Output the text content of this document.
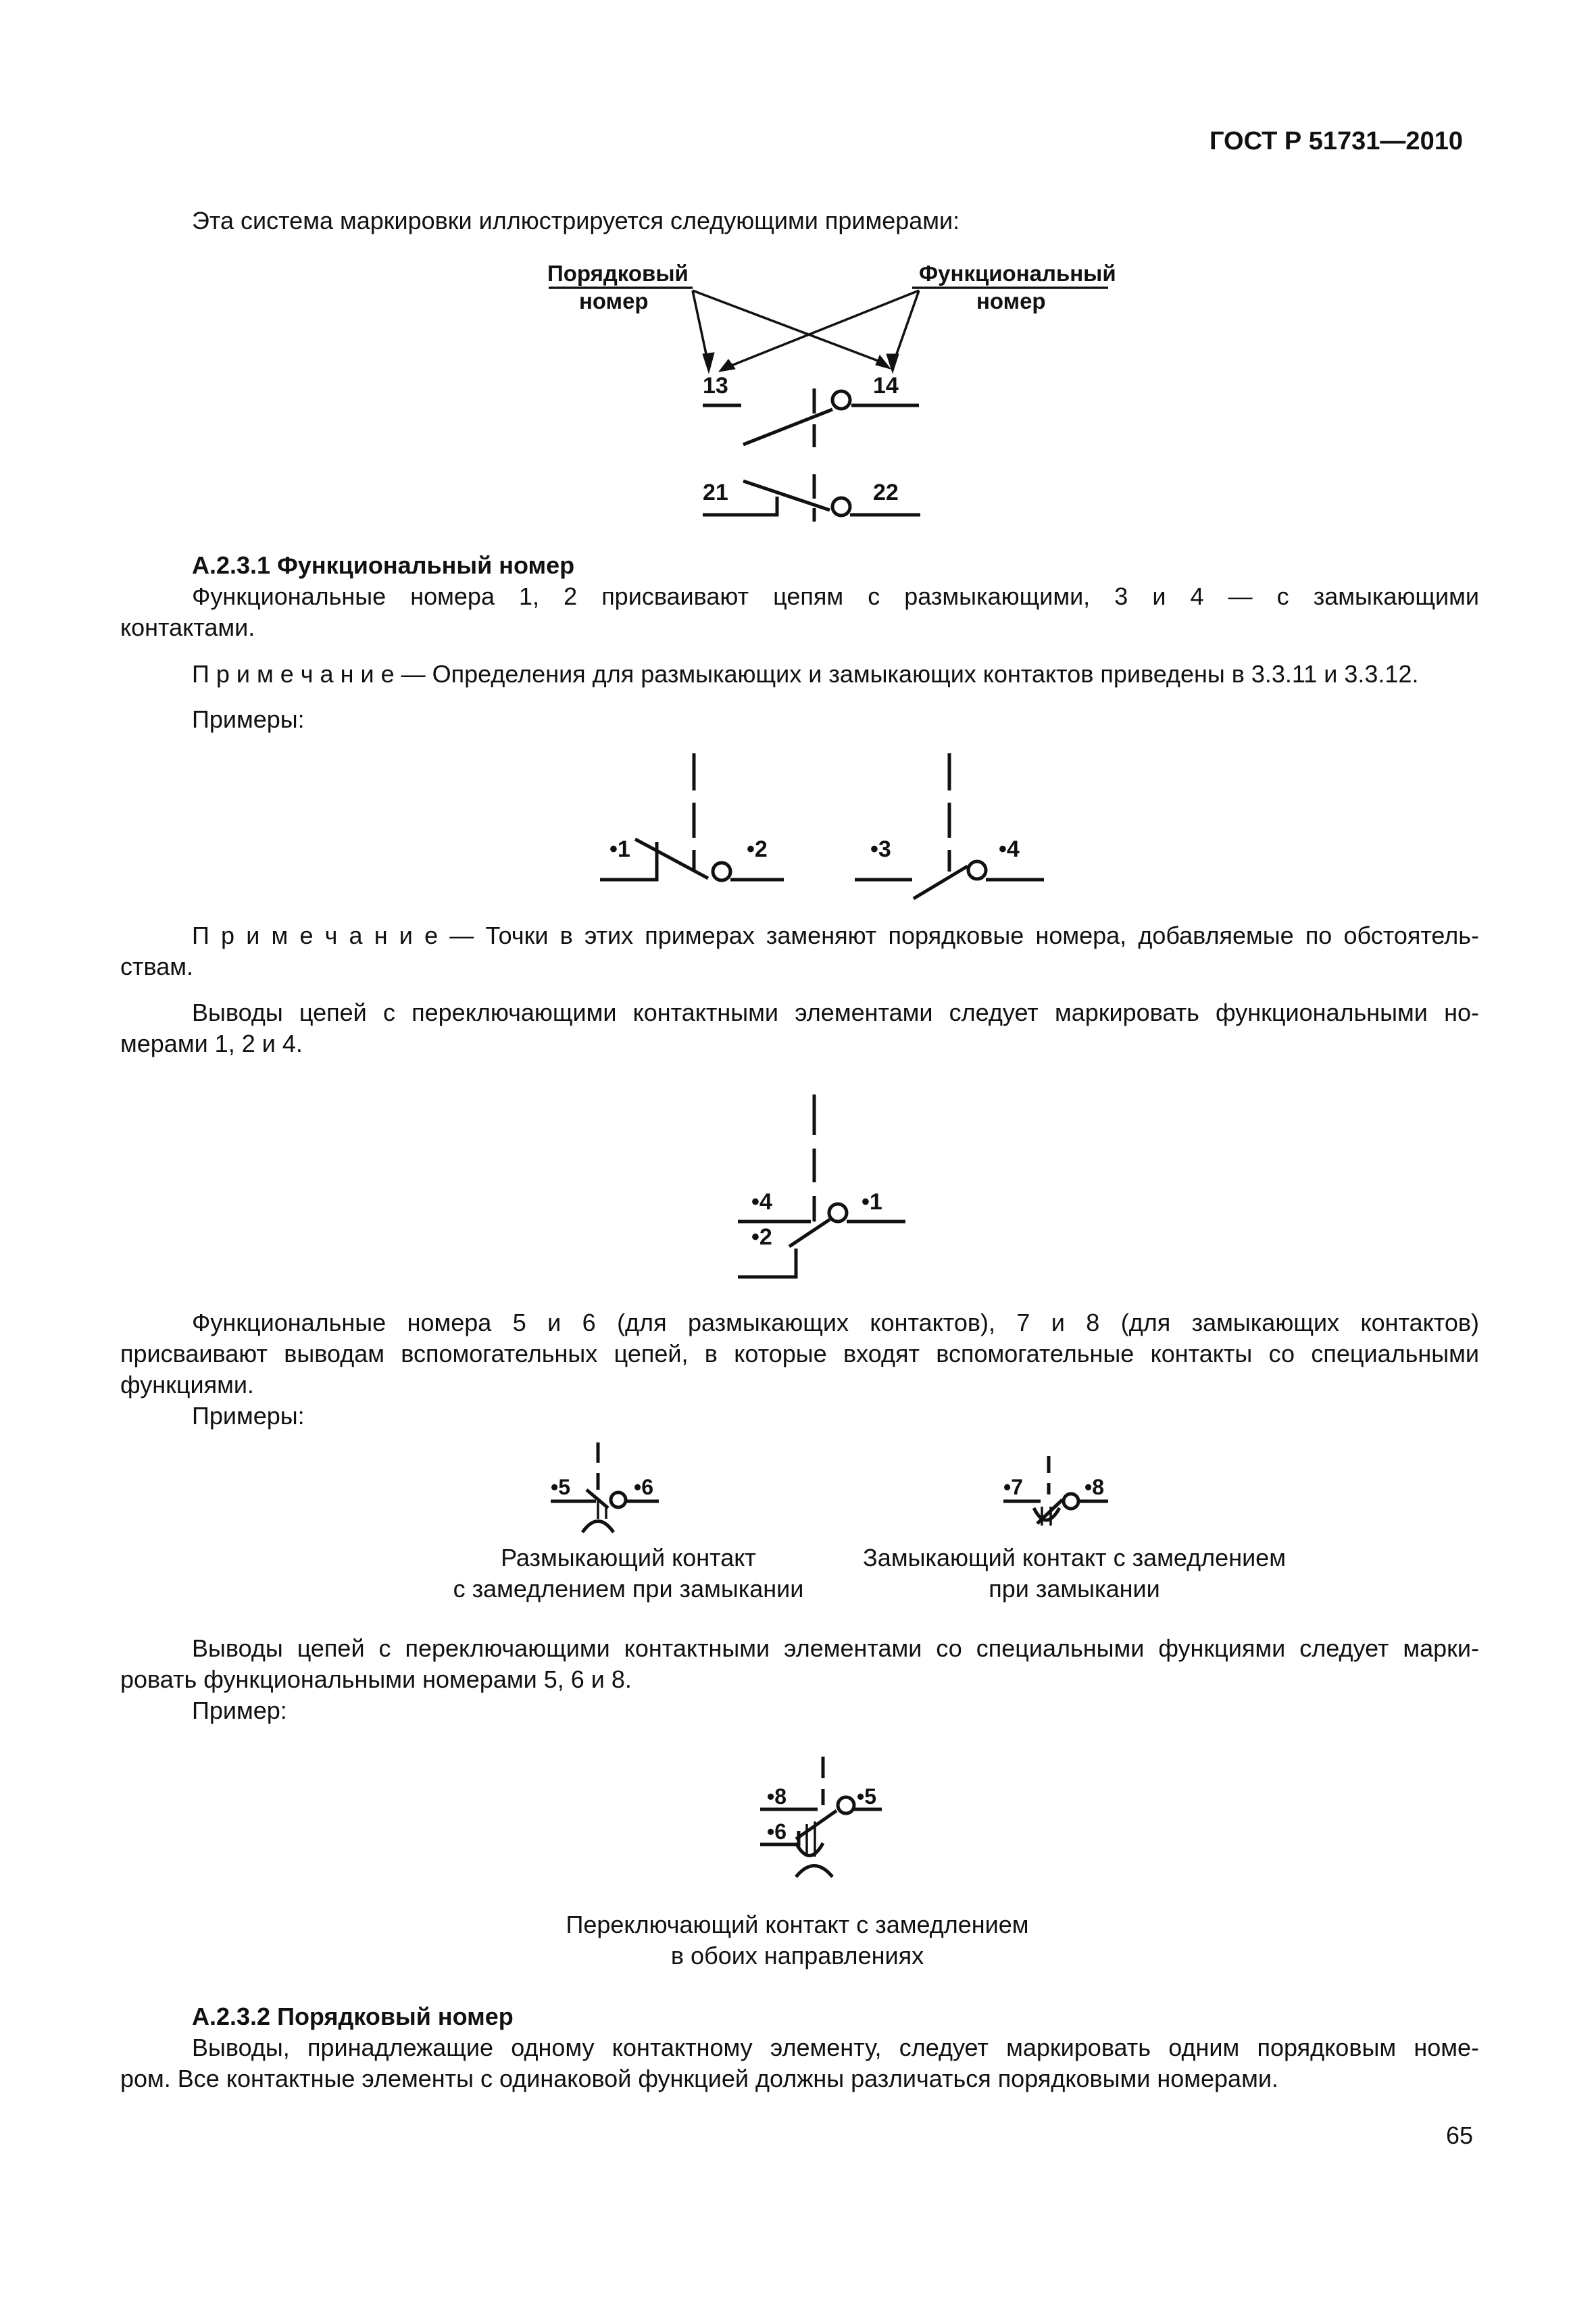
ГОСТ Р 51731—2010
Эта система маркировки иллюстрируется следующими примерами:
Порядковый
номер
Функциональный
номер
13	14
21	22
А.2.3.1 Функциональный номер
Функциональные номера 1, 2 присваивают цепям с размыкающими, 3 и 4 — с замыкающими
контактами.
П р и м е ч а н и е — Определения для размыкающих и замыкающих контактов приведены в 3.3.11 и 3.3.12.
Примеры:
•1	•2	•3	•4
П р и м е ч а н и е — Точки в этих примерах заменяют порядковые номера, добавляемые по обстоятель-
ствам.
Выводы цепей с переключающими контактными элементами следует маркировать функциональными но-
мерами 1, 2 и 4.
•4	•1
•2
Функциональные номера 5 и 6 (для размыкающих контактов), 7 и 8 (для замыкающих контактов)
присваивают выводам вспомогательных цепей, в которые входят вспомогательные контакты со специальными
функциями.
Примеры:
•5	•6	•7	•8
Размыкающий контакт
с замедлением при замыкании
Замыкающий контакт с замедлением
при замыкании
Выводы цепей с переключающими контактными элементами со специальными функциями следует марки-
ровать функциональными номерами 5, 6 и 8.
Пример:
•8	•5
•6
Переключающий контакт с замедлением
в обоих направлениях
А.2.3.2 Порядковый номер
Выводы, принадлежащие одному контактному элементу, следует маркировать одним порядковым номе-
ром. Все контактные элементы с одинаковой функцией должны различаться порядковыми номерами.
65
